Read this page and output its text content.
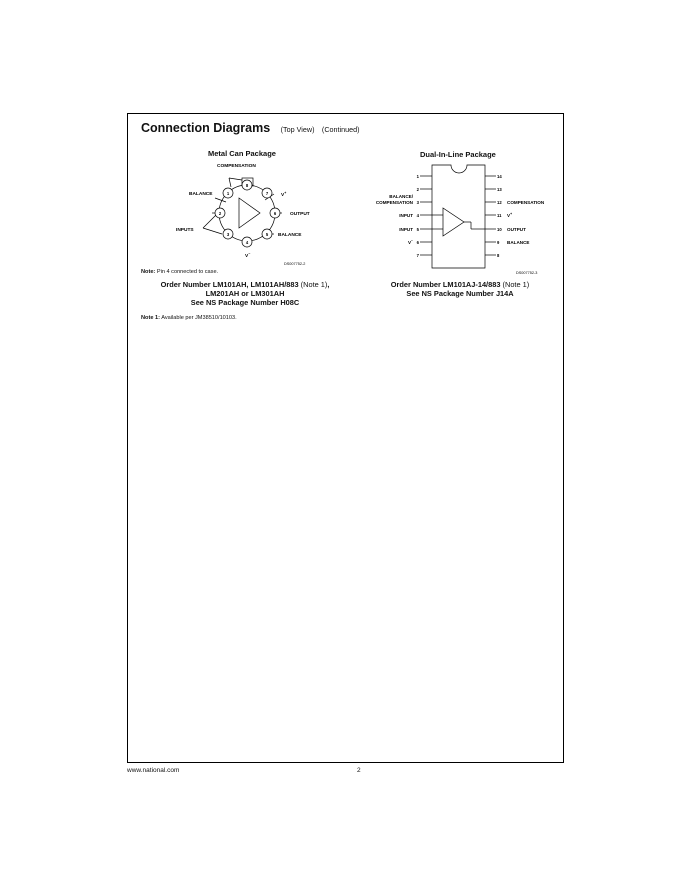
Connection Diagrams (Top View) (Continued)
Metal Can Package
8
1	7
2	6
3	5
4
COMPENSATION
BALANCE	V+
OUTPUT
INPUTS
BALANCE
V−
DS007752-2
Note: Pin 4 connected to case.
Order Number LM101AH, LM101AH/883 (Note 1),
LM201AH or LM301AH
See NS Package Number H08C
Dual-In-Line Package
1
2
3
4
5
6
7
14
13
12
11
10
9
8
BALANCE/
COMPENSATION
INPUT
INPUT
V−
COMPENSATION
V+
OUTPUT
BALANCE
DS007752-3
Order Number LM101AJ-14/883 (Note 1)
See NS Package Number J14A
Note 1: Available per JM38510/10103.
www.national.com	2
